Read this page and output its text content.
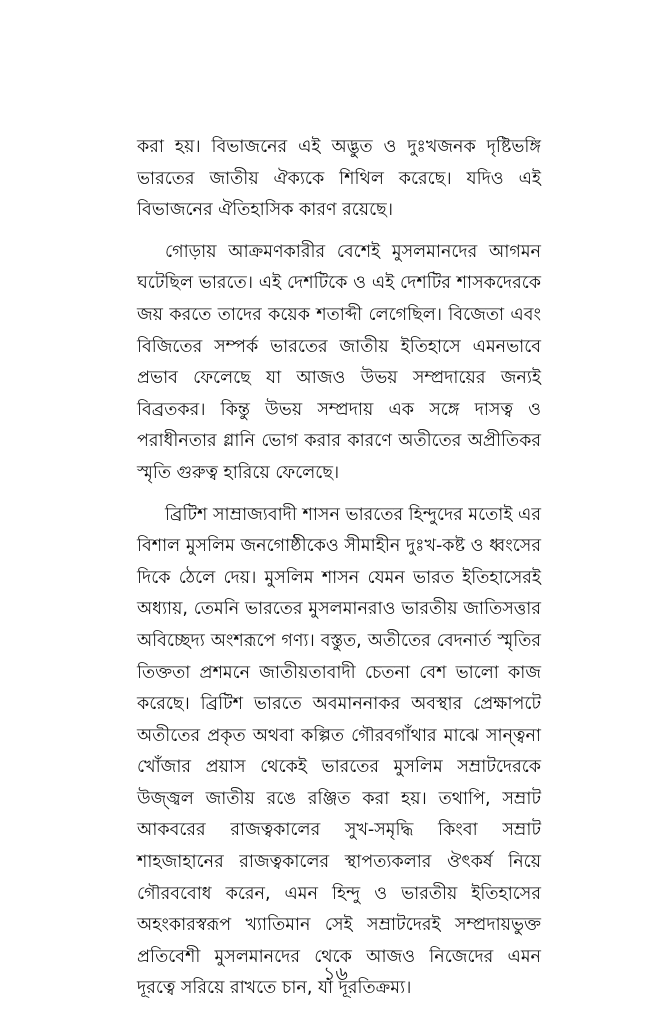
করা হয়। বিভাজনের এই অদ্ভুত ও দুঃখজনক দৃষ্টিভঙ্গি ভারতের জাতীয় ঐক্যকে শিথিল করেছে। যদিও এই বিভাজনের ঐতিহাসিক কারণ রয়েছে।

গোড়ায় আক্রমণকারীর বেশেই মুসলমানদের আগমন ঘটেছিল ভারতে। এই দেশটিকে ও এই দেশটির শাসকদেরকে জয় করতে তাদের কয়েক শতাব্দী লেগেছিল। বিজেতা এবং বিজিতের সম্পর্ক ভারতের জাতীয় ইতিহাসে এমনভাবে প্রভাব ফেলেছে যা আজও উভয় সম্প্রদায়ের জন্যই বিব্রতকর। কিন্তু উভয় সম্প্রদায় এক সঙ্গে দাসত্ব ও পরাধীনতার গ্লানি ভোগ করার কারণে অতীতের অপ্রীতিকর স্মৃতি গুরুত্ব হারিয়ে ফেলেছে।

ব্রিটিশ সাম্রাজ্যবাদী শাসন ভারতের হিন্দুদের মতোই এর বিশাল মুসলিম জনগোষ্ঠীকেও সীমাহীন দুঃখ-কষ্ট ও ধ্বংসের দিকে ঠেলে দেয়। মুসলিম শাসন যেমন ভারত ইতিহাসেরই অধ্যায়, তেমনি ভারতের মুসলমানরাও ভারতীয় জাতিসত্তার অবিচ্ছেদ্য অংশরূপে গণ্য। বস্তুত, অতীতের বেদনার্ত স্মৃতির তিক্ততা প্রশমনে জাতীয়তাবাদী চেতনা বেশ ভালো কাজ করেছে। ব্রিটিশ ভারতে অবমাননাকর অবস্থার প্রেক্ষাপটে অতীতের প্রকৃত অথবা কল্পিত গৌরবগাঁথার মাঝে সান্ত্বনা খোঁজার প্রয়াস থেকেই ভারতের মুসলিম সম্রাটদেরকে উজ্জ্বল জাতীয় রঙে রঞ্জিত করা হয়। তথাপি, সম্রাট আকবরের রাজত্বকালের সুখ-সমৃদ্ধি কিংবা সম্রাট শাহজাহানের রাজত্বকালের স্থাপত্যকলার ঔৎকর্ষ নিয়ে গৌরববোধ করেন, এমন হিন্দু ও ভারতীয় ইতিহাসের অহংকারস্বরূপ খ্যাতিমান সেই সম্রাটদেরই সম্প্রদায়ভুক্ত প্রতিবেশী মুসলমানদের থেকে আজও নিজেদের এমন দূরত্বে সরিয়ে রাখতে চান, যা দূরতিক্রম্য।

১৬
